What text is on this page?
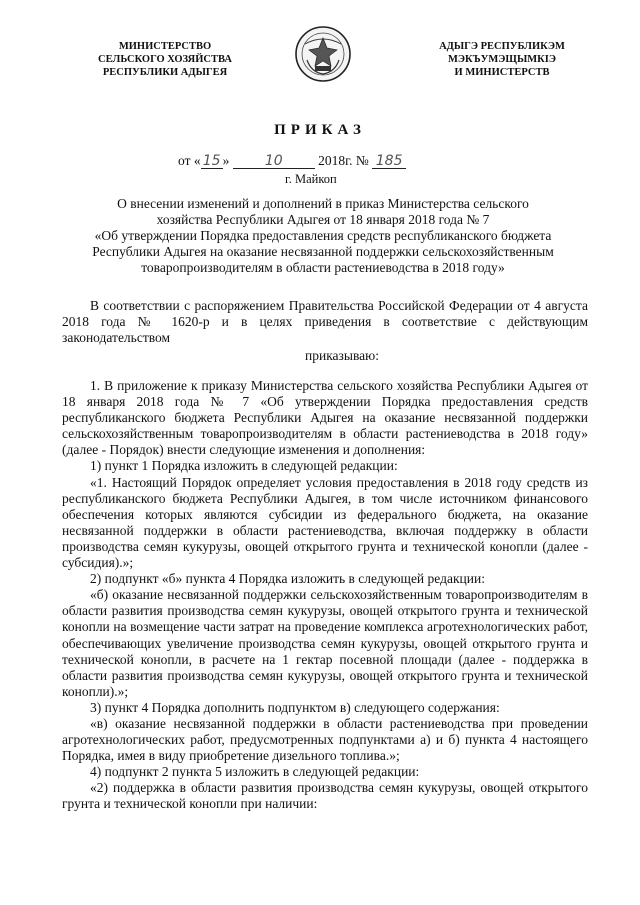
МИНИСТЕРСТВО
СЕЛЬСКОГО ХОЗЯЙСТВА
РЕСПУБЛИКИ АДЫГЕЯ
АДЫГЭ РЕСПУБЛИКЭМ
МЭКЪУМЭЩЫМКIЭ
И МИНИСТЕРСТВ
ПРИКАЗ
от « 15 »	10	2018г. № 185
г. Майкоп
О внесении изменений и дополнений в приказ Министерства сельского
хозяйства Республики Адыгея от 18 января 2018 года № 7
«Об утверждении Порядка предоставления средств республиканского бюджета
Республики Адыгея на оказание несвязанной поддержки сельскохозяйственным
товаропроизводителям в области растениеводства в 2018 году»

В соответствии с распоряжением Правительства Российской Федерации от 4 августа 2018 года № 1620-р и в целях приведения в соответствие с действующим законодательством

приказываю:

1. В приложение к приказу Министерства сельского хозяйства Республики Адыгея от 18 января 2018 года № 7 «Об утверждении Порядка предоставления средств республиканского бюджета Республики Адыгея на оказание несвязанной поддержки сельскохозяйственным товаропроизводителям в области растениеводства в 2018 году» (далее - Порядок) внести следующие изменения и дополнения:

1) пункт 1 Порядка изложить в следующей редакции:

«1. Настоящий Порядок определяет условия предоставления в 2018 году средств из республиканского бюджета Республики Адыгея, в том числе источником финансового обеспечения которых являются субсидии из федерального бюджета, на оказание несвязанной поддержки в области растениеводства, включая поддержку в области производства семян кукурузы, овощей открытого грунта и технической конопли (далее - субсидия).»;

2) подпункт «б» пункта 4 Порядка изложить в следующей редакции:

«б) оказание несвязанной поддержки сельскохозяйственным товаропроизводителям в области развития производства семян кукурузы, овощей открытого грунта и технической конопли на возмещение части затрат на проведение комплекса агротехнологических работ, обеспечивающих увеличение производства семян кукурузы, овощей открытого грунта и технической конопли, в расчете на 1 гектар посевной площади (далее - поддержка в области развития производства семян кукурузы, овощей открытого грунта и технической конопли).»;

3) пункт 4 Порядка дополнить подпунктом в) следующего содержания:

«в) оказание несвязанной поддержки в области растениеводства при проведении агротехнологических работ, предусмотренных подпунктами а) и б) пункта 4 настоящего Порядка, имея в виду приобретение дизельного топлива.»;

4) подпункт 2 пункта 5 изложить в следующей редакции:

«2) поддержка в области развития производства семян кукурузы, овощей открытого грунта и технической конопли при наличии:
